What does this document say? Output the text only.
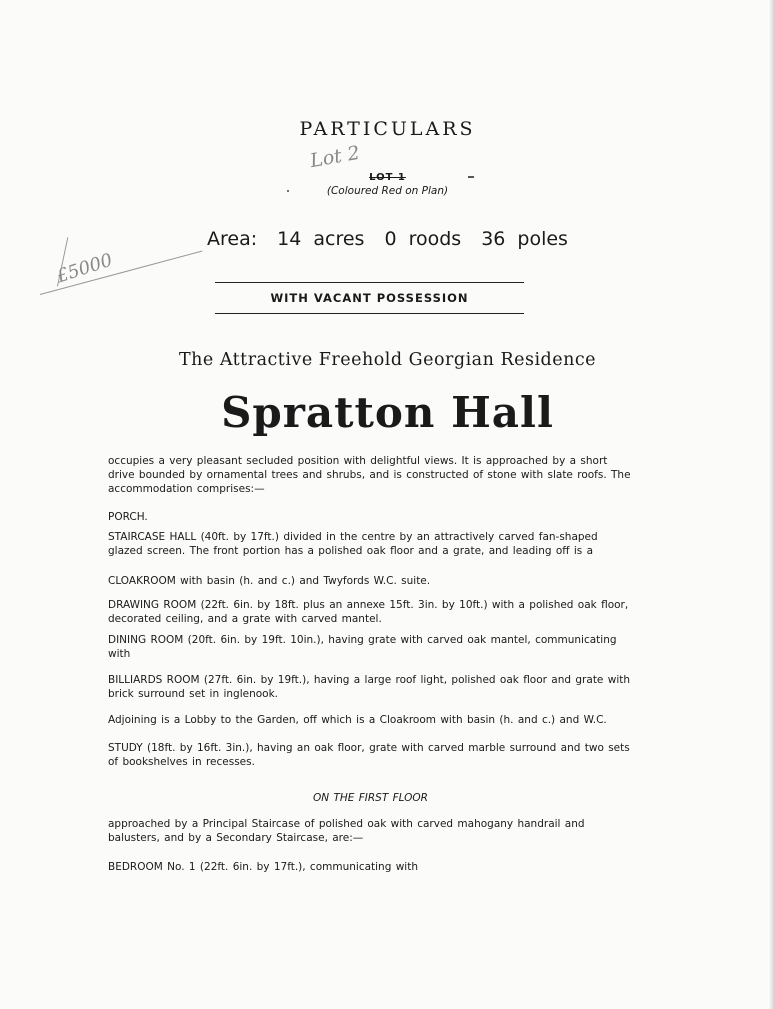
PARTICULARS
Lot 2
LOT 1
(Coloured Red on Plan)
Area: 14 acres 0 roods 36 poles
£5000
WITH VACANT POSSESSION
The Attractive Freehold Georgian Residence
Spratton Hall
occupies a very pleasant secluded position with delightful views. It is approached by a short drive bounded by ornamental trees and shrubs, and is constructed of stone with slate roofs. The accommodation comprises:—
PORCH.
STAIRCASE HALL (40ft. by 17ft.) divided in the centre by an attractively carved fan-shaped glazed screen. The front portion has a polished oak floor and a grate, and leading off is a
CLOAKROOM with basin (h. and c.) and Twyfords W.C. suite.
DRAWING ROOM (22ft. 6in. by 18ft. plus an annexe 15ft. 3in. by 10ft.) with a polished oak floor, decorated ceiling, and a grate with carved mantel.
DINING ROOM (20ft. 6in. by 19ft. 10in.), having grate with carved oak mantel, communicating with
BILLIARDS ROOM (27ft. 6in. by 19ft.), having a large roof light, polished oak floor and grate with brick surround set in inglenook.
Adjoining is a Lobby to the Garden, off which is a Cloakroom with basin (h. and c.) and W.C.
STUDY (18ft. by 16ft. 3in.), having an oak floor, grate with carved marble surround and two sets of bookshelves in recesses.
ON THE FIRST FLOOR
approached by a Principal Staircase of polished oak with carved mahogany handrail and balusters, and by a Secondary Staircase, are:—
BEDROOM No. 1 (22ft. 6in. by 17ft.), communicating with
